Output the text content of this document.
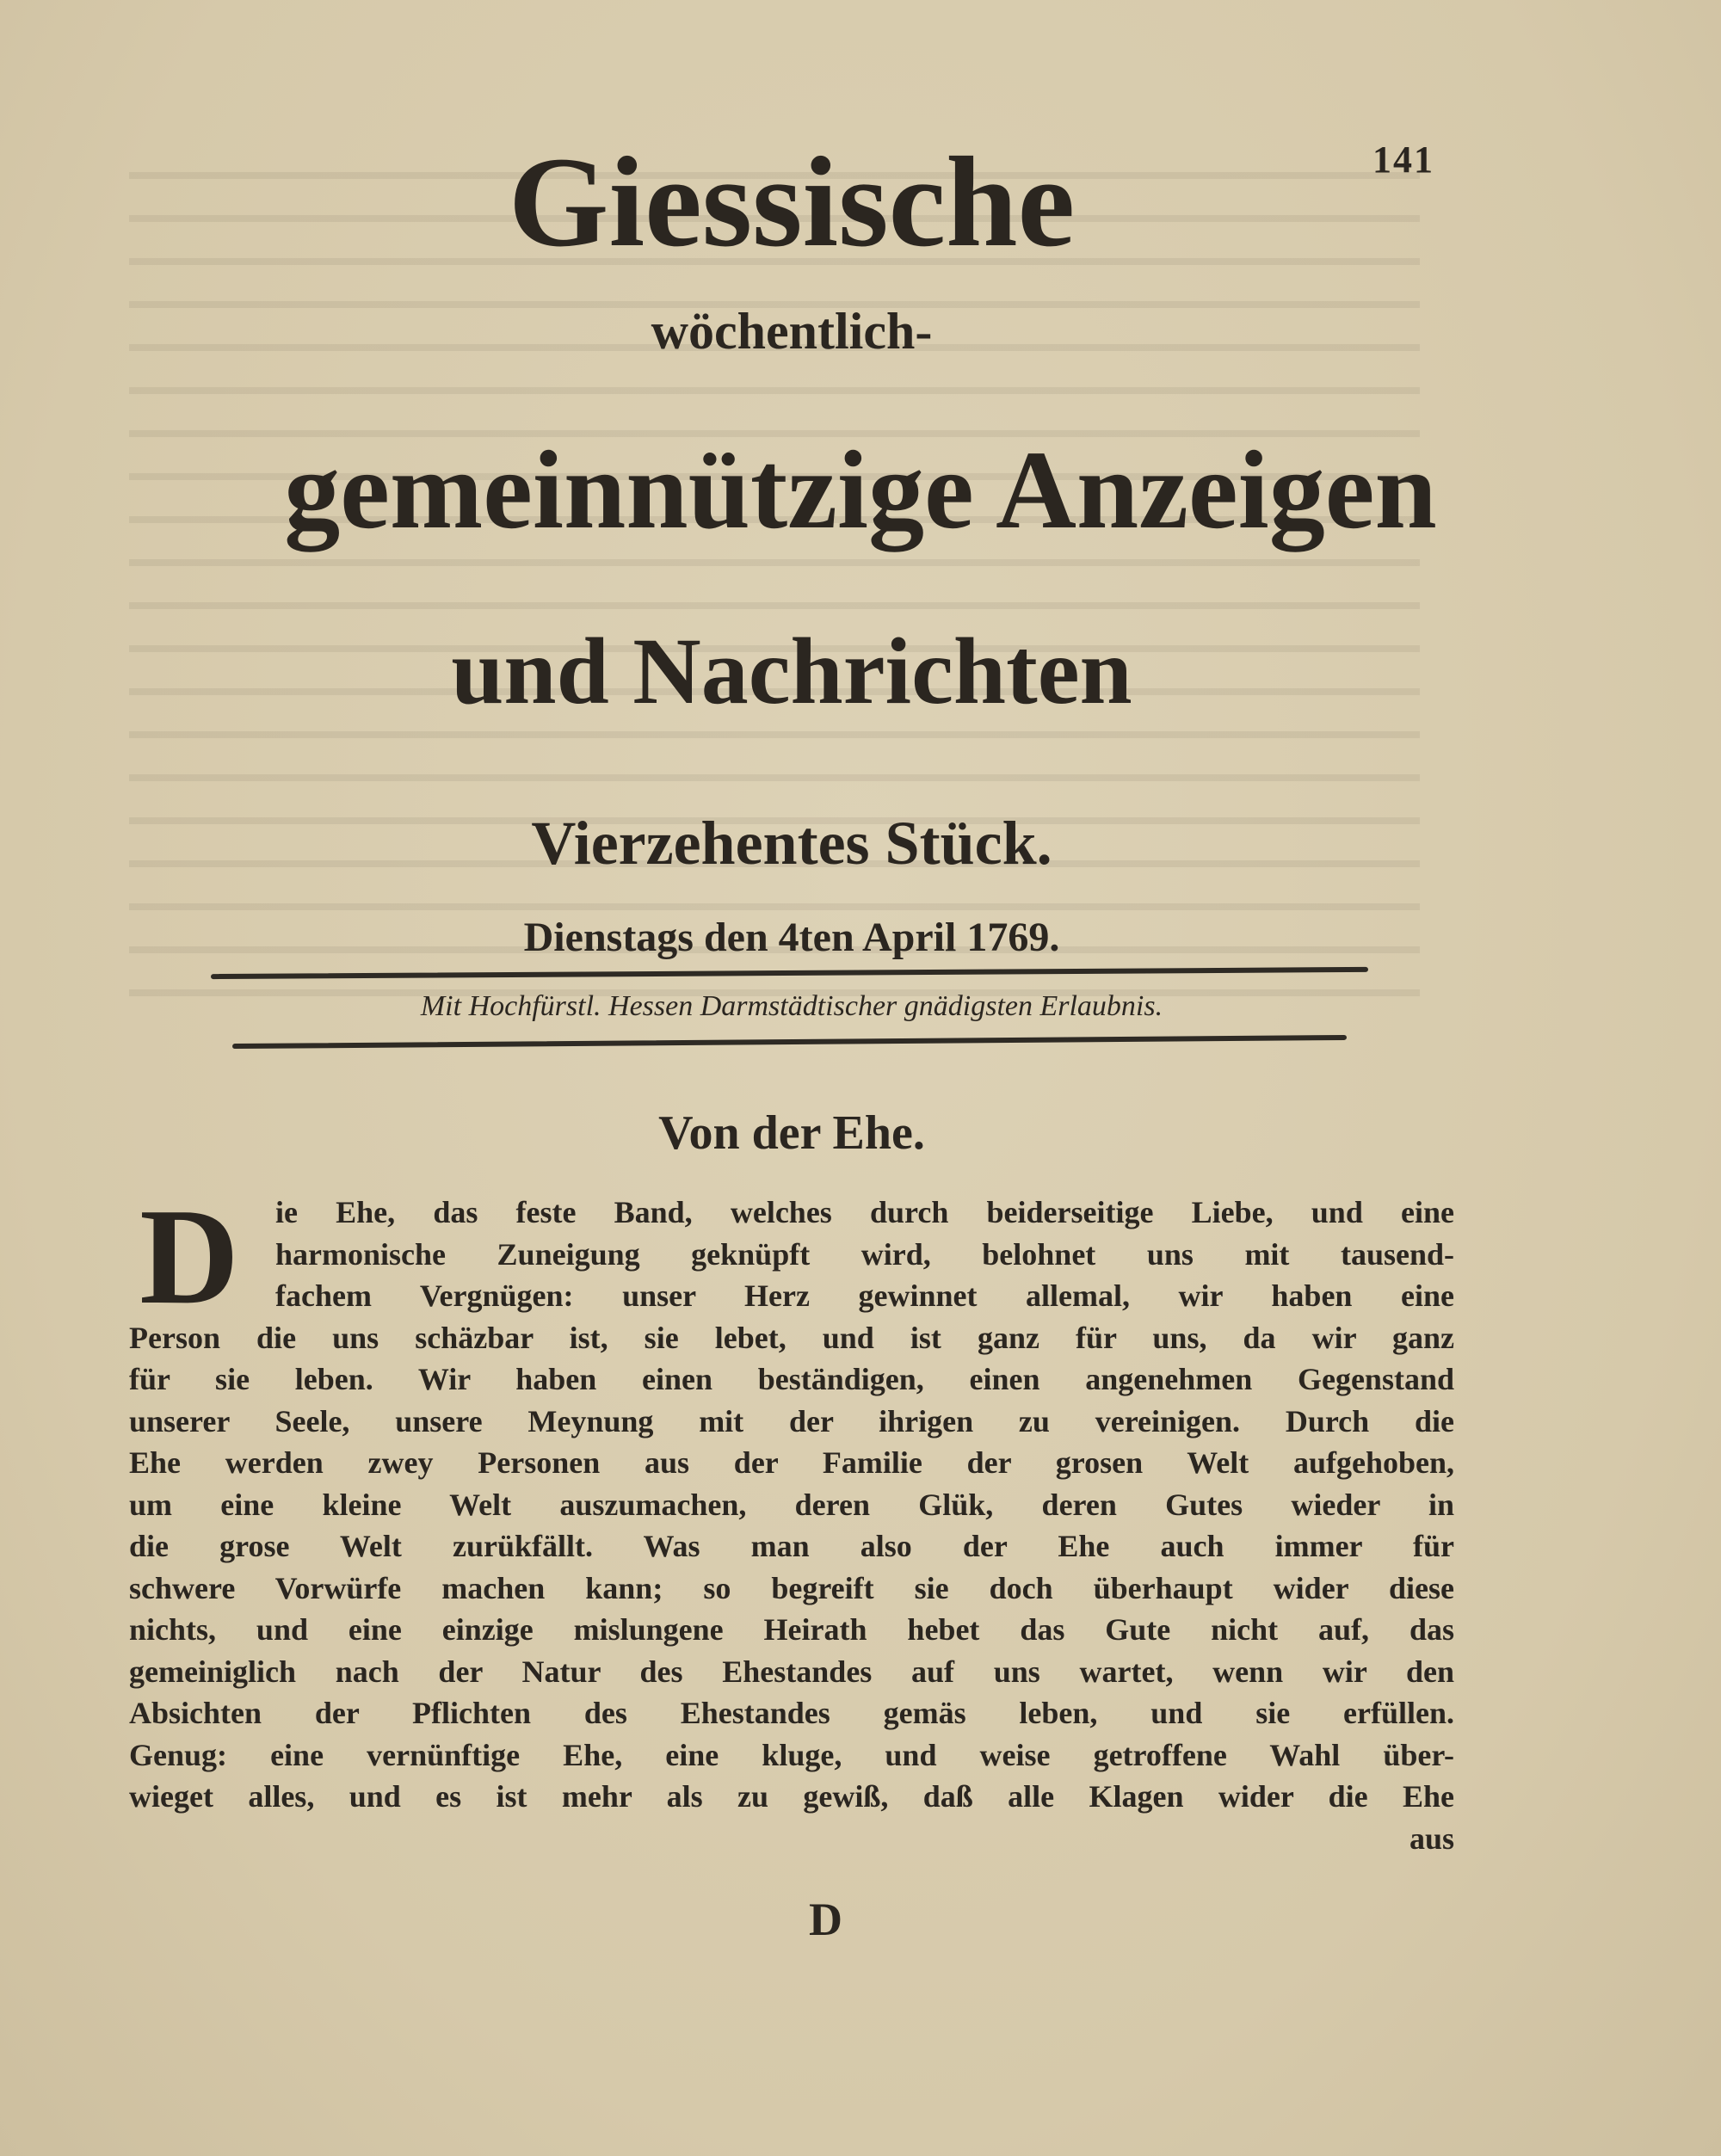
141
Giessische
wöchentlich-
gemeinnützige Anzeigen
und Nachrichten
Vierzehentes Stück.
Dienstags den 4ten April 1769.
Mit Hochfürstl. Hessen Darmstädtischer gnädigsten Erlaubnis.
Von der Ehe.
D	ie Ehe, das feste Band, welches durch beiderseitige Liebe, und eine
harmonische Zuneigung geknüpft wird, belohnet uns mit tausend-
fachem Vergnügen: unser Herz gewinnet allemal, wir haben eine
Person die uns schäzbar ist, sie lebet, und ist ganz für uns, da wir ganz
für sie leben. Wir haben einen beständigen, einen angenehmen Gegenstand
unserer Seele, unsere Meynung mit der ihrigen zu vereinigen. Durch die
Ehe werden zwey Personen aus der Familie der grosen Welt aufgehoben,
um eine kleine Welt auszumachen, deren Glük, deren Gutes wieder in
die grose Welt zurükfällt. Was man also der Ehe auch immer für
schwere Vorwürfe machen kann; so begreift sie doch überhaupt wider diese
nichts, und eine einzige mislungene Heirath hebet das Gute nicht auf, das
gemeiniglich nach der Natur des Ehestandes auf uns wartet, wenn wir den
Absichten der Pflichten des Ehestandes gemäs leben, und sie erfüllen.
Genug: eine vernünftige Ehe, eine kluge, und weise getroffene Wahl über-
wieget alles, und es ist mehr als zu gewiß, daß alle Klagen wider die Ehe
aus
D
